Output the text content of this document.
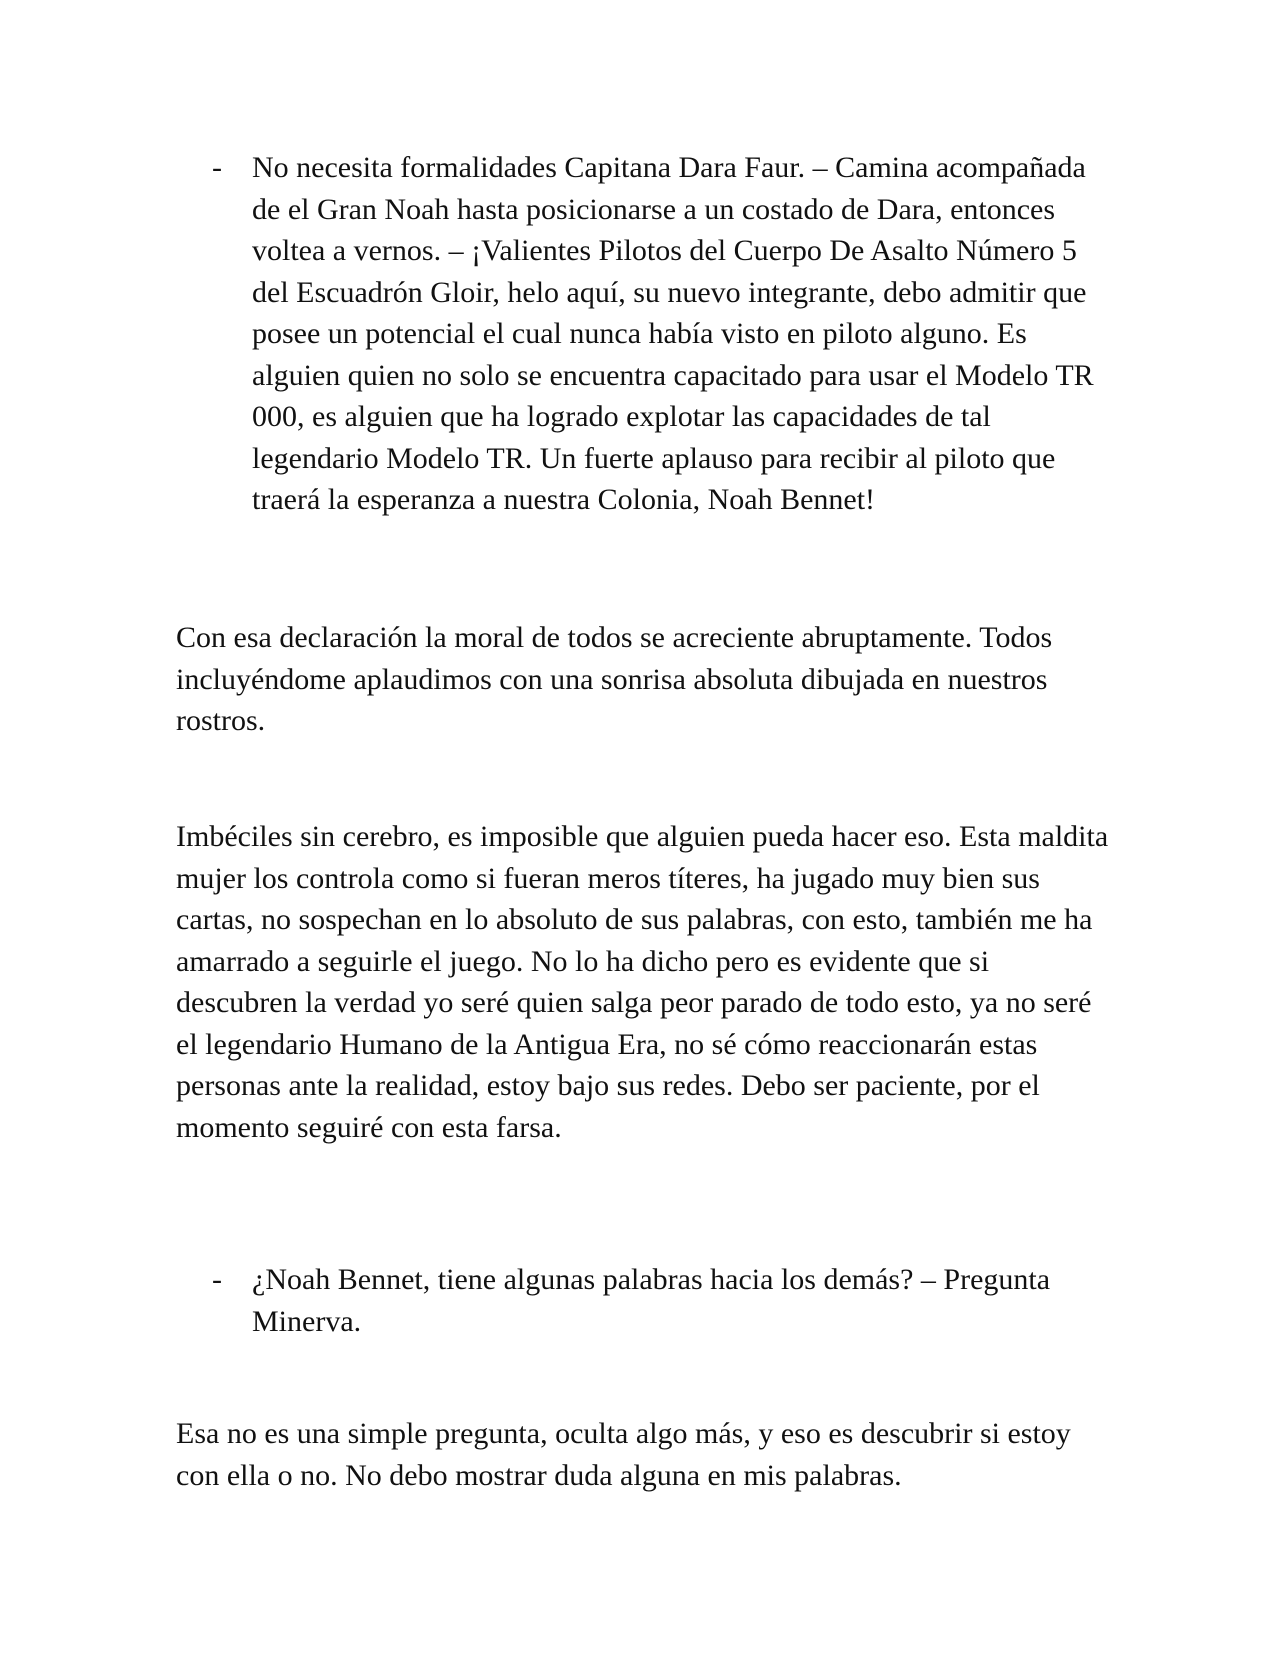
-	No necesita formalidades Capitana Dara Faur. – Camina acompañada de el Gran Noah hasta posicionarse a un costado de Dara, entonces voltea a vernos. – ¡Valientes Pilotos del Cuerpo De Asalto Número 5 del Escuadrón Gloir, helo aquí, su nuevo integrante, debo admitir que posee un potencial el cual nunca había visto en piloto alguno. Es alguien quien no solo se encuentra capacitado para usar el Modelo TR 000, es alguien que ha logrado explotar las capacidades de tal legendario Modelo TR. Un fuerte aplauso para recibir al piloto que traerá la esperanza a nuestra Colonia, Noah Bennet!

Con esa declaración la moral de todos se acreciente abruptamente. Todos incluyéndome aplaudimos con una sonrisa absoluta dibujada en nuestros rostros.

Imbéciles sin cerebro, es imposible que alguien pueda hacer eso. Esta maldita mujer los controla como si fueran meros títeres, ha jugado muy bien sus cartas, no sospechan en lo absoluto de sus palabras, con esto, también me ha amarrado a seguirle el juego. No lo ha dicho pero es evidente que si descubren la verdad yo seré quien salga peor parado de todo esto, ya no seré el legendario Humano de la Antigua Era, no sé cómo reaccionarán estas personas ante la realidad, estoy bajo sus redes. Debo ser paciente, por el momento seguiré con esta farsa.

-	¿Noah Bennet, tiene algunas palabras hacia los demás? – Pregunta Minerva.

Esa no es una simple pregunta, oculta algo más, y eso es descubrir si estoy con ella o no. No debo mostrar duda alguna en mis palabras.
